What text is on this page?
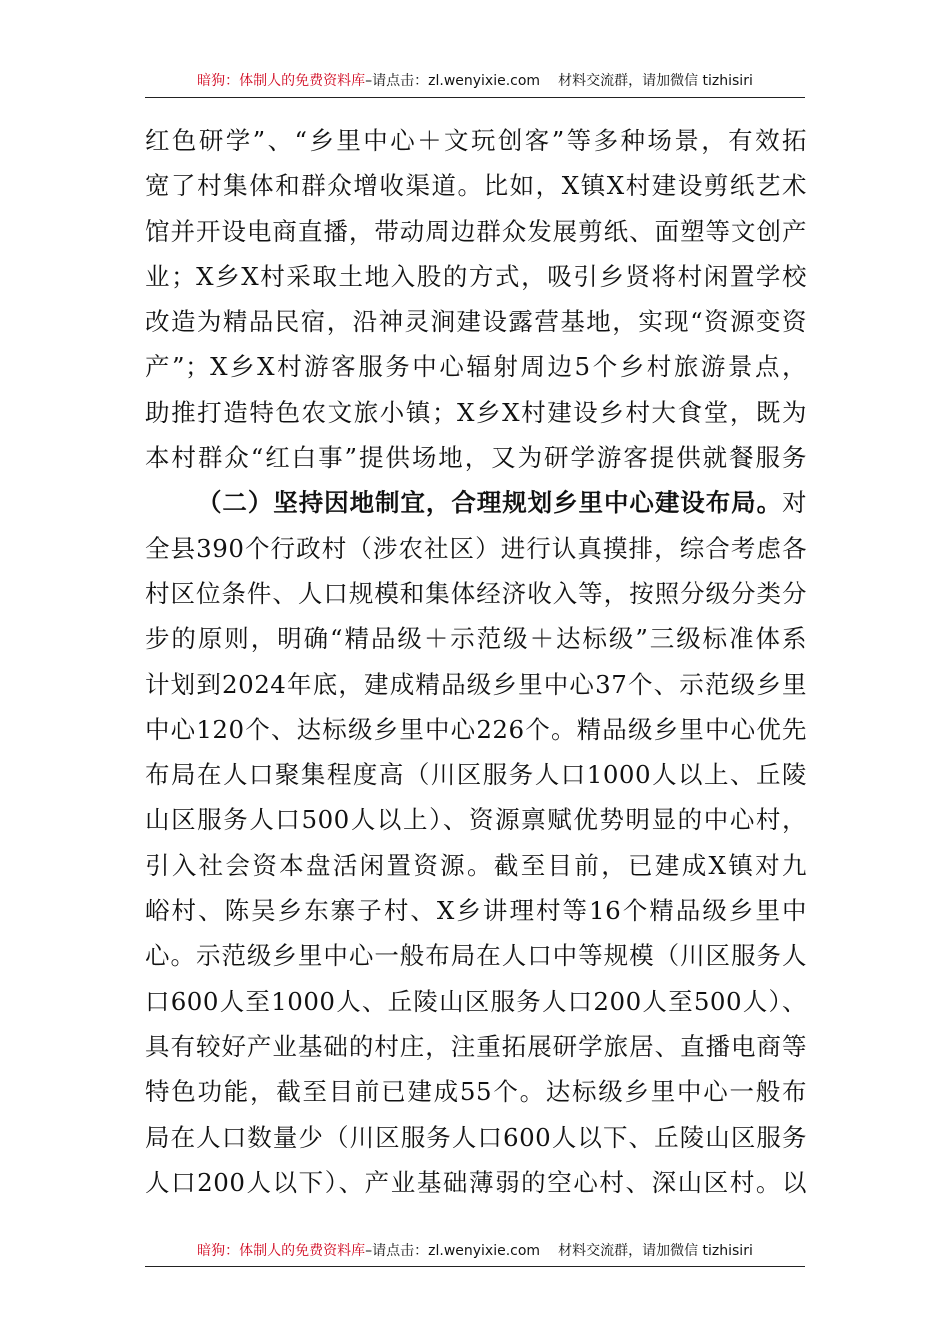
暗狗：体制人的免费资料库 –请点击：zl.wenyixie.com 材料交流群，请加微信 tizhisiri
红色研学”、“乡里中心＋文玩创客”等多种场景，有效拓
宽了村集体和群众增收渠道。比如，X镇X村建设剪纸艺术
馆并开设电商直播，带动周边群众发展剪纸、面塑等文创产
业；X乡X村采取土地入股的方式，吸引乡贤将村闲置学校
改造为精品民宿，沿神灵涧建设露营基地，实现“资源变资
产”；X乡X村游客服务中心辐射周边5个乡村旅游景点，
助推打造特色农文旅小镇；X乡X村建设乡村大食堂，既为
本村群众“红白事”提供场地，又为研学游客提供就餐服务
（二）坚持因地制宜，合理规划乡里中心建设布局。对
全县390个行政村（涉农社区）进行认真摸排，综合考虑各
村区位条件、人口规模和集体经济收入等，按照分级分类分
步的原则，明确“精品级＋示范级＋达标级”三级标准体系
计划到2024年底，建成精品级乡里中心37个、示范级乡里
中心120个、达标级乡里中心226个。精品级乡里中心优先
布局在人口聚集程度高（川区服务人口1000人以上、丘陵
山区服务人口500人以上）、资源禀赋优势明显的中心村，
引入社会资本盘活闲置资源。截至目前，已建成X镇对九
峪村、陈吴乡东寨子村、X乡讲理村等16个精品级乡里中
心。示范级乡里中心一般布局在人口中等规模（川区服务人
口600人至1000人、丘陵山区服务人口200人至500人）、
具有较好产业基础的村庄，注重拓展研学旅居、直播电商等
特色功能，截至目前已建成55个。达标级乡里中心一般布
局在人口数量少（川区服务人口600人以下、丘陵山区服务
人口200人以下）、产业基础薄弱的空心村、深山区村。以
暗狗：体制人的免费资料库 –请点击：zl.wenyixie.com 材料交流群，请加微信 tizhisiri
